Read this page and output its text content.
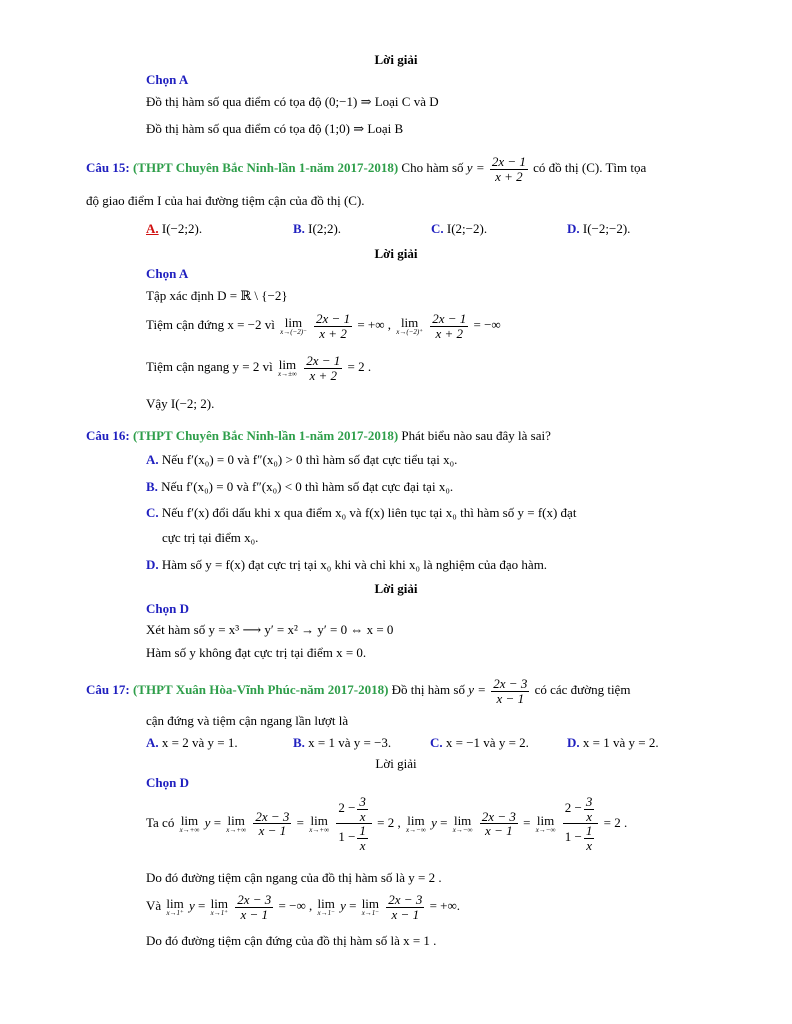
Lời giải
Chọn A
Đồ thị hàm số qua điểm có tọa độ (0;−1) ⇒ Loại C và D
Đồ thị hàm số qua điểm có tọa độ (1;0) ⇒ Loại B
Câu 15: (THPT Chuyên Bắc Ninh-lần 1-năm 2017-2018) Cho hàm số $y = \frac{2x - 1}{x + 2}$ có đồ thị (C). Tìm tọa
độ giao điểm I của hai đường tiệm cận của đồ thị (C).
A. I(−2;2).	B. I(2;2).	C. I(2;−2).	D. I(−2;−2).
Lời giải
Chọn A
Tập xác định D = ℝ \ {−2}
Tiệm cận đứng x = −2 vì lim
x→(−2)⁻
$\frac{2x - 1}{x + 2}$ = +∞ , lim
x→(−2)⁺
$\frac{2x - 1}{x + 2}$ = −∞
Tiệm cận ngang y = 2 vì lim
x→±∞
$\frac{2x - 1}{x + 2} = 2$ .
Vậy I(−2; 2).
Câu 16: (THPT Chuyên Bắc Ninh-lần 1-năm 2017-2018) Phát biểu nào sau đây là sai?
A. Nếu f′(x₀) = 0 và f″(x₀) > 0 thì hàm số đạt cực tiểu tại x₀.
B. Nếu f′(x₀) = 0 và f″(x₀) < 0 thì hàm số đạt cực đại tại x₀.
C. Nếu f′(x) đổi dấu khi x qua điểm x₀ và f(x) liên tục tại x₀ thì hàm số y = f(x) đạt
cực trị tại điểm x₀.
D. Hàm số y = f(x) đạt cực trị tại x₀ khi và chỉ khi x₀ là nghiệm của đạo hàm.
Lời giải
Chọn D
Xét hàm số y = x³ ⟶ y′ = x² → y′ = 0 ⇔ x = 0
Hàm số y không đạt cực trị tại điểm x = 0.
Câu 17: (THPT Xuân Hòa-Vĩnh Phúc-năm 2017-2018) Đồ thị hàm số $y = \frac{2x - 3}{x - 1}$ có các đường tiệm
cận đứng và tiệm cận ngang lần lượt là
A. x = 2 và y = 1.	B. x = 1 và y = −3.	C. x = −1 và y = 2.	D. x = 1 và y = 2.
Lời giải
Chọn D
Ta có lim
x→+∞
y = lim
x→+∞
$\frac{2x - 3}{x - 1} = \lim$
x→+∞
$\frac{2 - \frac{3}{x}}{1 - \frac{1}{x}} = 2$ , lim
x→−∞
y = lim
x→−∞
$\frac{2x - 3}{x - 1} = \lim$
x→−∞
$\frac{2 - \frac{3}{x}}{1 - \frac{1}{x}} = 2$ .
Do đó đường tiệm cận ngang của đồ thị hàm số là y = 2 .
Và lim
x→1⁺
y = lim
x→1⁺
$\frac{2x - 3}{x - 1}$ = −∞ , lim
x→1⁻
y = lim
x→1⁻
$\frac{2x - 3}{x - 1}$ = +∞.
Do đó đường tiệm cận đứng của đồ thị hàm số là x = 1 .
